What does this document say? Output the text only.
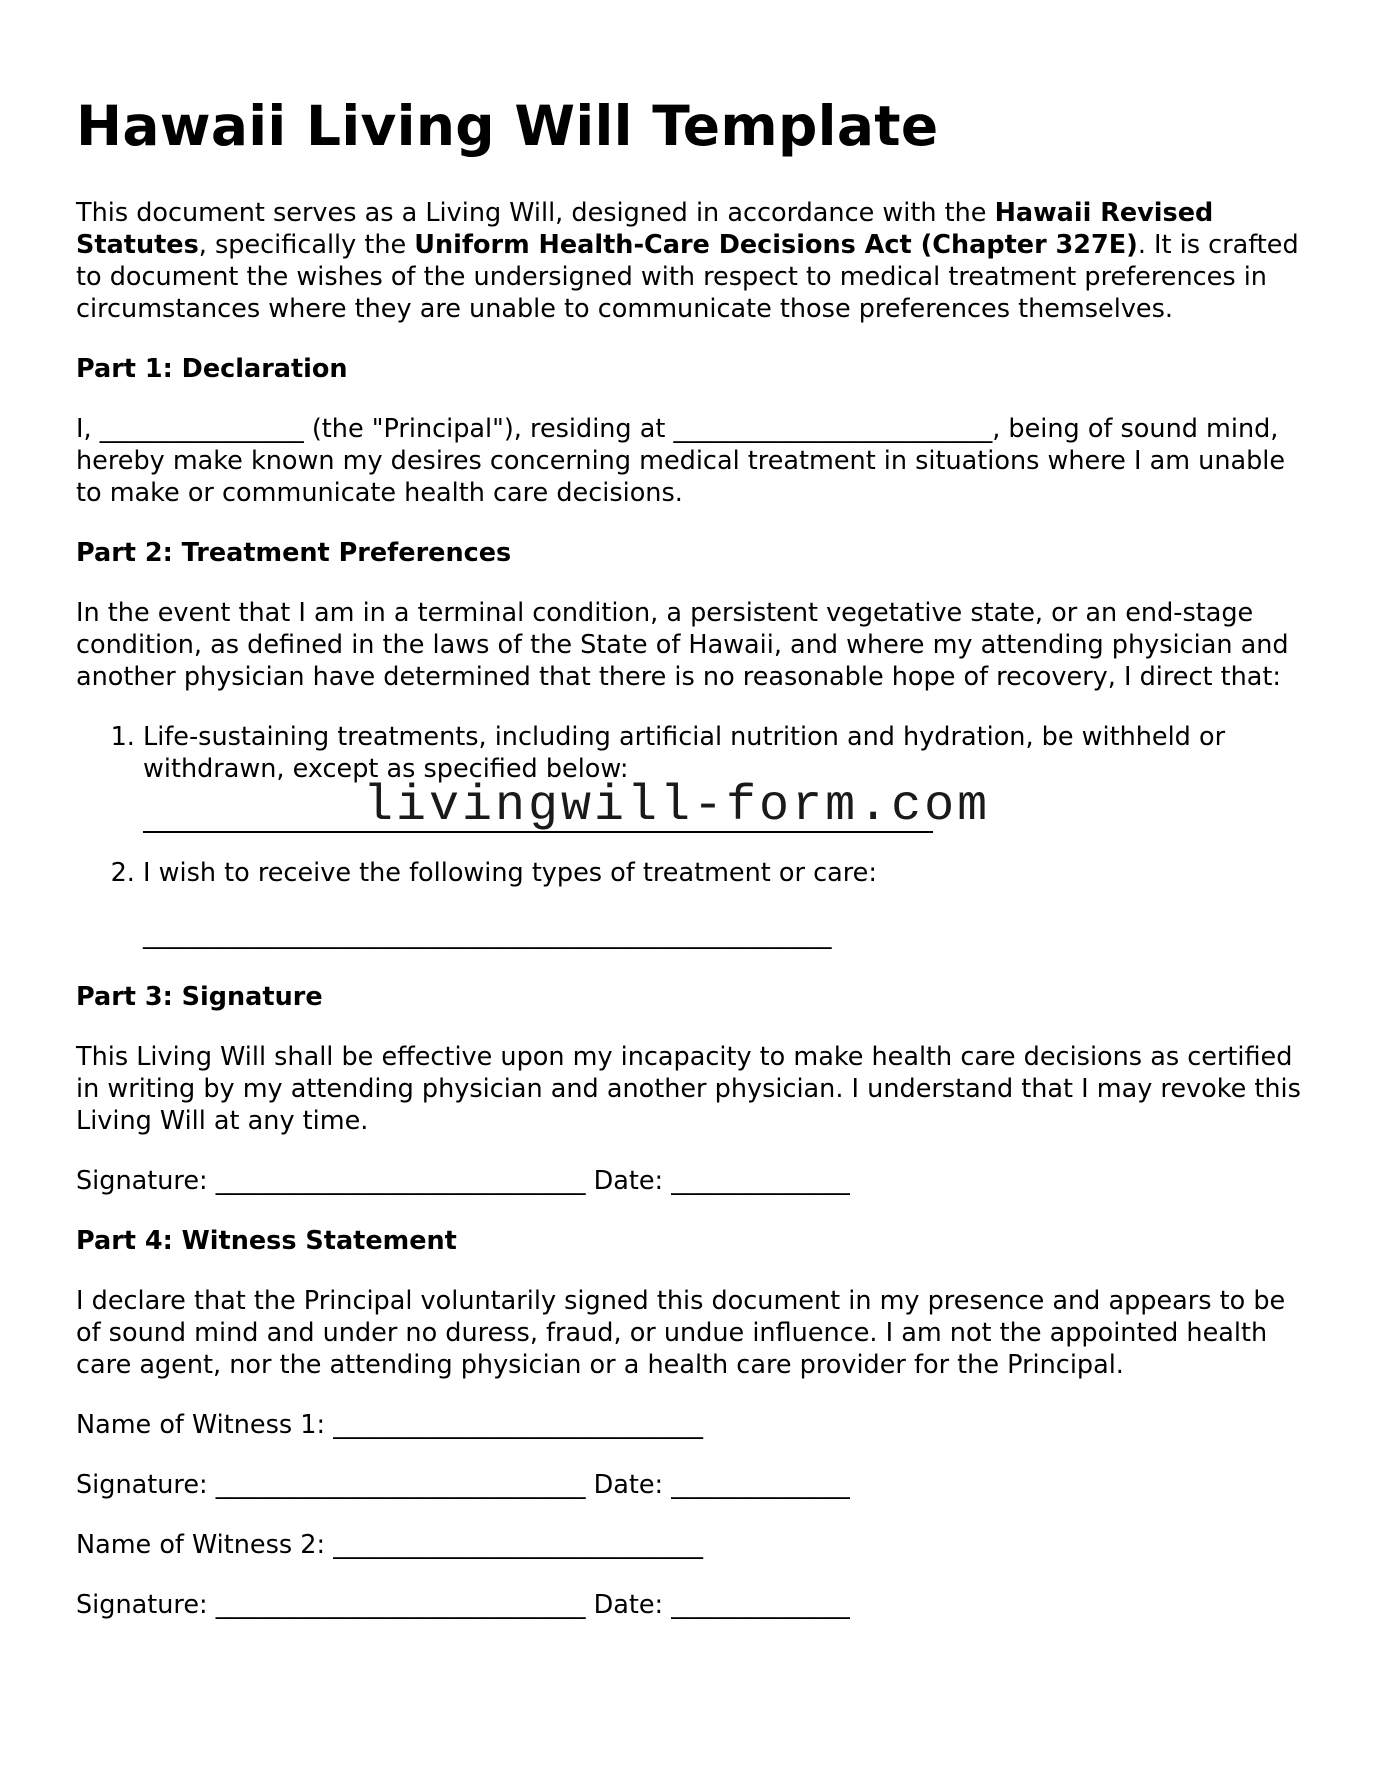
Hawaii Living Will Template

This document serves as a Living Will, designed in accordance with the Hawaii Revised Statutes, specifically the Uniform Health-Care Decisions Act (Chapter 327E). It is crafted to document the wishes of the undersigned with respect to medical treatment preferences in circumstances where they are unable to communicate those preferences themselves.

Part 1: Declaration

I, ________________ (the "Principal"), residing at _________________________, being of sound mind, hereby make known my desires concerning medical treatment in situations where I am unable to make or communicate health care decisions.

Part 2: Treatment Preferences

In the event that I am in a terminal condition, a persistent vegetative state, or an end-stage condition, as defined in the laws of the State of Hawaii, and where my attending physician and another physician have determined that there is no reasonable hope of recovery, I direct that:

1. Life-sustaining treatments, including artificial nutrition and hydration, be withheld or withdrawn, except as specified below:
livingwill-form.com
2. I wish to receive the following types of treatment or care:
______________________________________________________
Part 3: Signature

This Living Will shall be effective upon my incapacity to make health care decisions as certified in writing by my attending physician and another physician. I understand that I may revoke this Living Will at any time.

Signature: _____________________________ Date: ______________
Part 4: Witness Statement

I declare that the Principal voluntarily signed this document in my presence and appears to be of sound mind and under no duress, fraud, or undue influence. I am not the appointed health care agent, nor the attending physician or a health care provider for the Principal.

Name of Witness 1: _____________________________
Signature: _____________________________ Date: ______________
Name of Witness 2: _____________________________
Signature: _____________________________ Date: ______________
